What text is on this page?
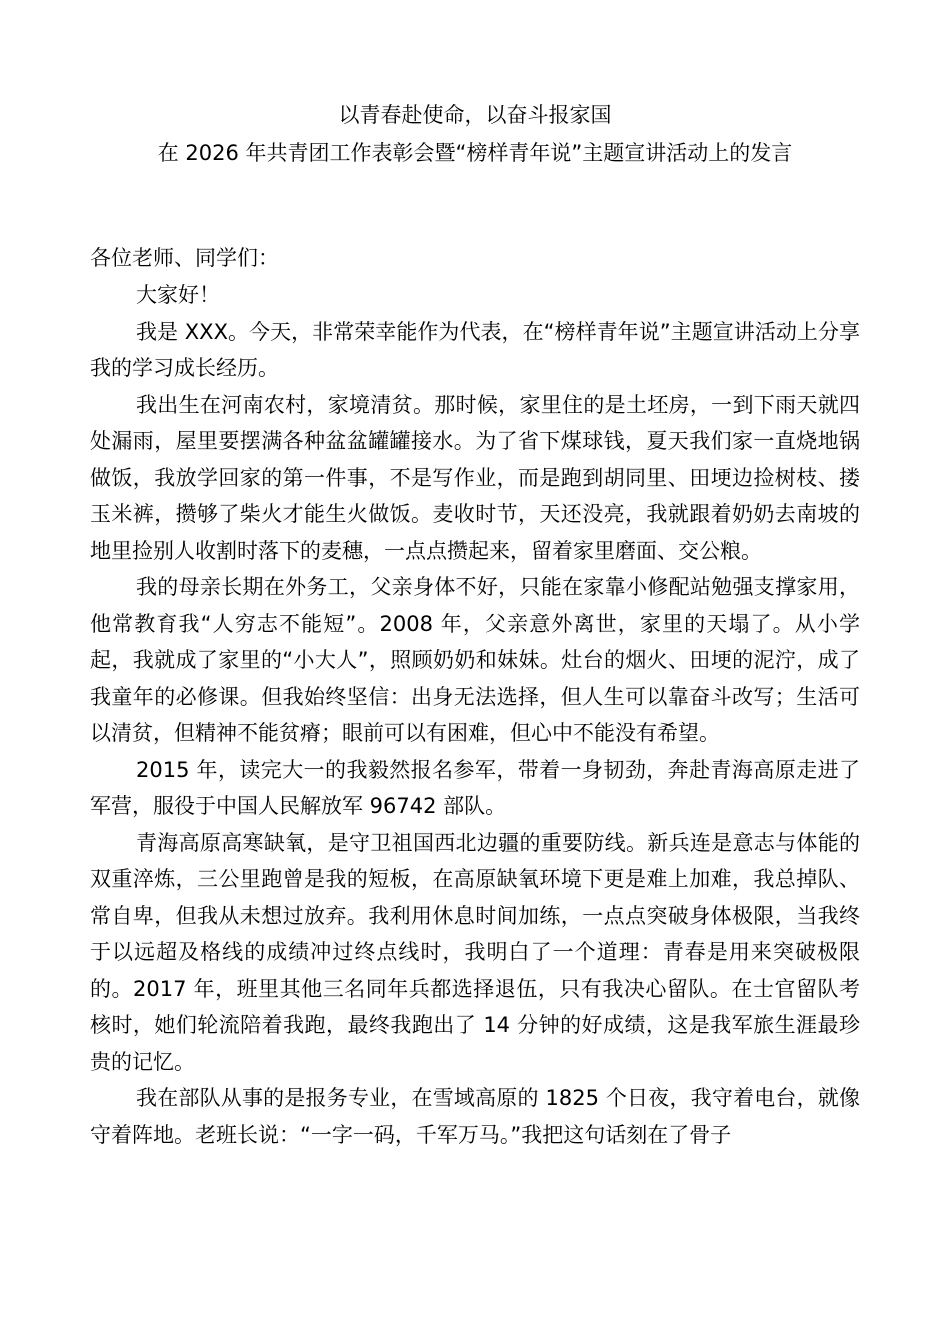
以青春赴使命，以奋斗报家国
在 2026 年共青团工作表彰会暨“榜样青年说”主题宣讲活动上的发言

各位老师、同学们：

大家好！

我是 XXX。今天，非常荣幸能作为代表，在“榜样青年说”主题宣讲活动上分享我的学习成长经历。

我出生在河南农村，家境清贫。那时候，家里住的是土坯房，一到下雨天就四处漏雨，屋里要摆满各种盆盆罐罐接水。为了省下煤球钱，夏天我们家一直烧地锅做饭，我放学回家的第一件事，不是写作业，而是跑到胡同里、田埂边捡树枝、搂玉米裤，攒够了柴火才能生火做饭。麦收时节，天还没亮，我就跟着奶奶去南坡的地里捡别人收割时落下的麦穗，一点点攒起来，留着家里磨面、交公粮。

我的母亲长期在外务工，父亲身体不好，只能在家靠小修配站勉强支撑家用，他常教育我“人穷志不能短”。2008 年，父亲意外离世，家里的天塌了。从小学起，我就成了家里的“小大人”，照顾奶奶和妹妹。灶台的烟火、田埂的泥泞，成了我童年的必修课。但我始终坚信：出身无法选择，但人生可以靠奋斗改写；生活可以清贫，但精神不能贫瘠；眼前可以有困难，但心中不能没有希望。

2015 年，读完大一的我毅然报名参军，带着一身韧劲，奔赴青海高原走进了军营，服役于中国人民解放军 96742 部队。

青海高原高寒缺氧，是守卫祖国西北边疆的重要防线。新兵连是意志与体能的双重淬炼，三公里跑曾是我的短板，在高原缺氧环境下更是难上加难，我总掉队、常自卑，但我从未想过放弃。我利用休息时间加练，一点点突破身体极限，当我终于以远超及格线的成绩冲过终点线时，我明白了一个道理：青春是用来突破极限的。2017 年，班里其他三名同年兵都选择退伍，只有我决心留队。在士官留队考核时，她们轮流陪着我跑，最终我跑出了 14 分钟的好成绩，这是我军旅生涯最珍贵的记忆。

我在部队从事的是报务专业，在雪域高原的 1825 个日夜，我守着电台，就像守着阵地。老班长说：“一字一码，千军万马。”我把这句话刻在了骨子
